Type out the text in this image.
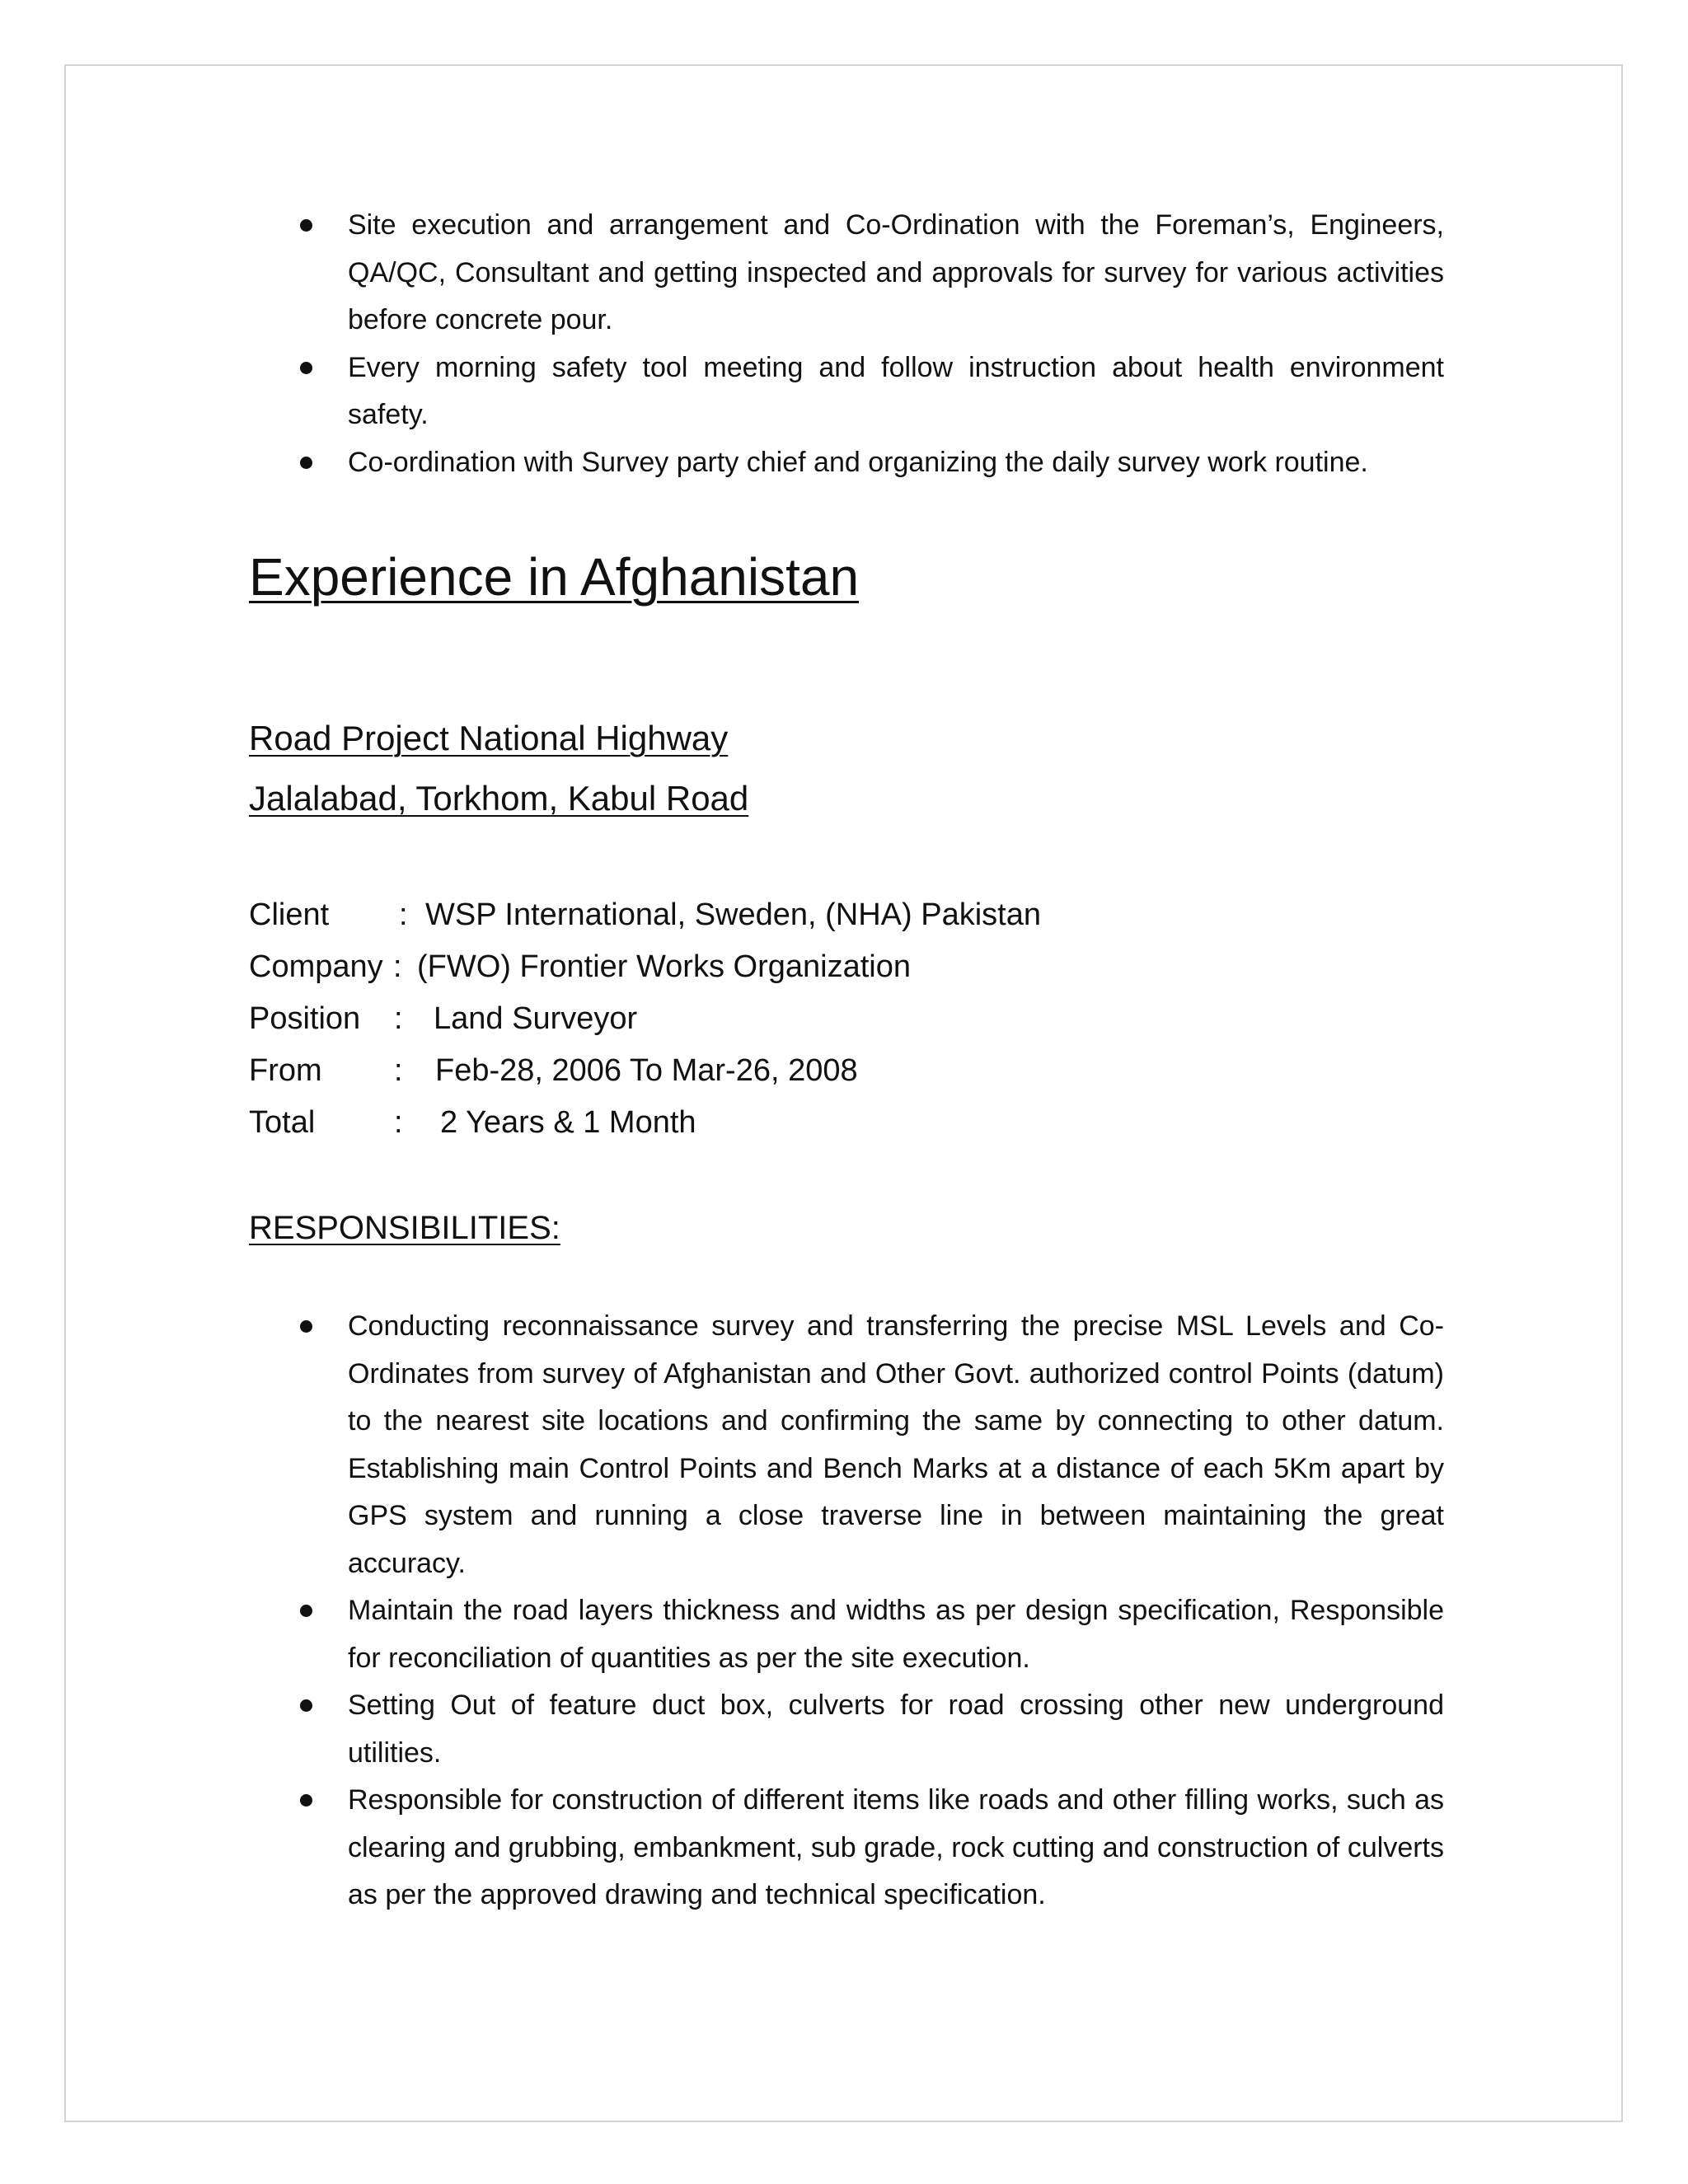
Site execution and arrangement and Co-Ordination with the Foreman’s, Engineers, QA/QC, Consultant and getting inspected and approvals for survey for various activities before concrete pour.
Every morning safety tool meeting and follow instruction about health environment safety.
Co-ordination with Survey party chief and organizing the daily survey work routine.
Experience in Afghanistan
Road Project National Highway
Jalalabad, Torkhom, Kabul Road
Client : WSP International, Sweden, (NHA) Pakistan
Company : (FWO) Frontier Works Organization
Position : Land Surveyor
From : Feb-28, 2006 To Mar-26, 2008
Total	: 2 Years & 1 Month
RESPONSIBILITIES:
Conducting reconnaissance survey and transferring the precise MSL Levels and Co-Ordinates from survey of Afghanistan and Other Govt. authorized control Points (datum) to the nearest site locations and confirming the same by connecting to other datum. Establishing main Control Points and Bench Marks at a distance of each 5Km apart by GPS system and running a close traverse line in between maintaining the great accuracy.
Maintain the road layers thickness and widths as per design specification, Responsible for reconciliation of quantities as per the site execution.
Setting Out of feature duct box, culverts for road crossing other new underground utilities.
Responsible for construction of different items like roads and other filling works, such as clearing and grubbing, embankment, sub grade, rock cutting and construction of culverts as per the approved drawing and technical specification.
